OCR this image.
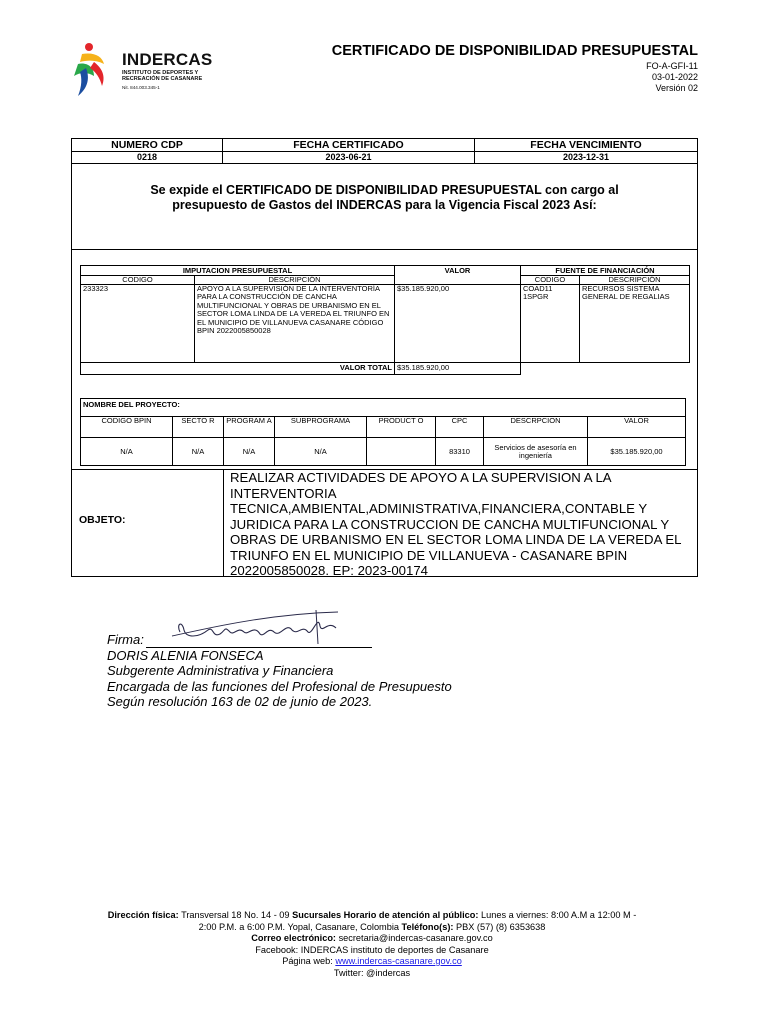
INDERCAS
INSTITUTO DE DEPORTES Y
RECREACIÓN DE CASANARE
Nit. 844.003.345-1
CERTIFICADO DE DISPONIBILIDAD PRESUPUESTAL
FO-A-GFI-11
03-01-2022
Versión 02
NUMERO CDP	FECHA CERTIFICADO	FECHA VENCIMIENTO
0218	2023-06-21	2023-12-31

Se expide el CERTIFICADO DE DISPONIBILIDAD PRESUPUESTAL con cargo al presupuesto de Gastos del INDERCAS para la Vigencia Fiscal 2023 Así:

IMPUTACION PRESUPUESTAL		VALOR	FUENTE DE FINANCIACIÓN	
CODIGO	DESCRIPCIÓN		CODIGO	DESCRIPCIÓN
233323	APOYO A LA SUPERVISIÓN DE LA INTERVENTORÍA PARA LA CONSTRUCCIÓN DE CANCHA MULTIFUNCIONAL Y OBRAS DE URBANISMO EN EL SECTOR LOMA LINDA DE LA VEREDA EL TRIUNFO EN EL MUNICIPIO DE VILLANUEVA CASANARE CÓDIGO BPIN 2022005850028	$35.185.920,00	COAD11 1SPGR	RECURSOS SISTEMA GENERAL DE REGALIAS
VALOR TOTAL		$35.185.920,00		
NOMBRE DEL PROYECTO:							
CODIGO BPIN	SECTO R	PROGRAM A	SUBPROGRAMA	PRODUCT O	CPC	DESCRPCION	VALOR
N/A	N/A	N/A	N/A		83310	Servicios de asesoría en ingeniería	$35.185.920,00
OBJETO:
REALIZAR ACTIVIDADES DE APOYO A LA SUPERVISION A LA INTERVENTORIA TECNICA,AMBIENTAL,ADMINISTRATIVA,FINANCIERA,CONTABLE Y JURIDICA PARA LA CONSTRUCCION DE CANCHA MULTIFUNCIONAL Y OBRAS DE URBANISMO EN EL SECTOR LOMA LINDA DE LA VEREDA EL TRIUNFO EN EL MUNICIPIO DE VILLANUEVA - CASANARE BPIN 2022005850028. EP: 2023-00174
Firma:
DORIS ALENIA FONSECA
Subgerente Administrativa y Financiera
Encargada de las funciones del Profesional de Presupuesto
Según resolución 163 de 02 de junio de 2023.
Dirección física: Transversal 18 No. 14 - 09 Sucursales Horario de atención al público: Lunes a viernes: 8:00 A.M a 12:00 M - 2:00 P.M. a 6:00 P.M. Yopal, Casanare, Colombia Teléfono(s): PBX (57) (8) 6353638
Correo electrónico: secretaria@indercas-casanare.gov.co
Facebook: INDERCAS instituto de deportes de Casanare
Página web: www.indercas-casanare.gov.co
Twitter: @indercas
